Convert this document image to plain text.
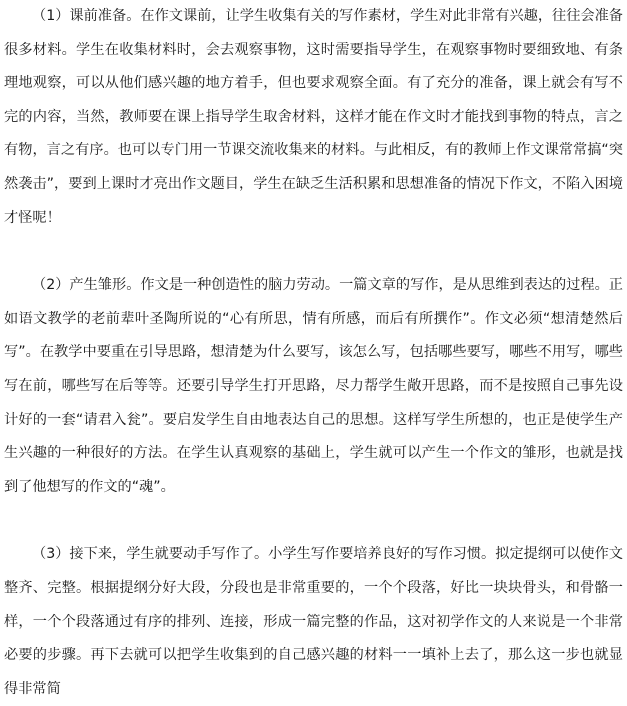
（1）课前准备。在作文课前，让学生收集有关的写作素材，学生对此非常有兴趣，往往会准备很多材料。学生在收集材料时，会去观察事物，这时需要指导学生，在观察事物时要细致地、有条理地观察，可以从他们感兴趣的地方着手，但也要求观察全面。有了充分的准备，课上就会有写不完的内容，当然，教师要在课上指导学生取舍材料，这样才能在作文时才能找到事物的特点，言之有物，言之有序。也可以专门用一节课交流收集来的材料。与此相反，有的教师上作文课常常搞“突然袭击”，要到上课时才亮出作文题目，学生在缺乏生活积累和思想准备的情况下作文，不陷入困境才怪呢！

（2）产生雏形。作文是一种创造性的脑力劳动。一篇文章的写作，是从思维到表达的过程。正如语文教学的老前辈叶圣陶所说的“心有所思，情有所感，而后有所撰作”。作文必须“想清楚然后写”。在教学中要重在引导思路，想清楚为什么要写，该怎么写，包括哪些要写，哪些不用写，哪些写在前，哪些写在后等等。还要引导学生打开思路，尽力帮学生敞开思路，而不是按照自己事先设计好的一套“请君入瓮”。要启发学生自由地表达自己的思想。这样写学生所想的，也正是使学生产生兴趣的一种很好的方法。在学生认真观察的基础上，学生就可以产生一个作文的雏形，也就是找到了他想写的作文的“魂”。

（3）接下来，学生就要动手写作了。小学生写作要培养良好的写作习惯。拟定提纲可以使作文整齐、完整。根据提纲分好大段，分段也是非常重要的，一个个段落，好比一块块骨头，和骨骼一样，一个个段落通过有序的排列、连接，形成一篇完整的作品，这对初学作文的人来说是一个非常必要的步骤。再下去就可以把学生收集到的自己感兴趣的材料一一填补上去了，那么这一步也就显得非常简
